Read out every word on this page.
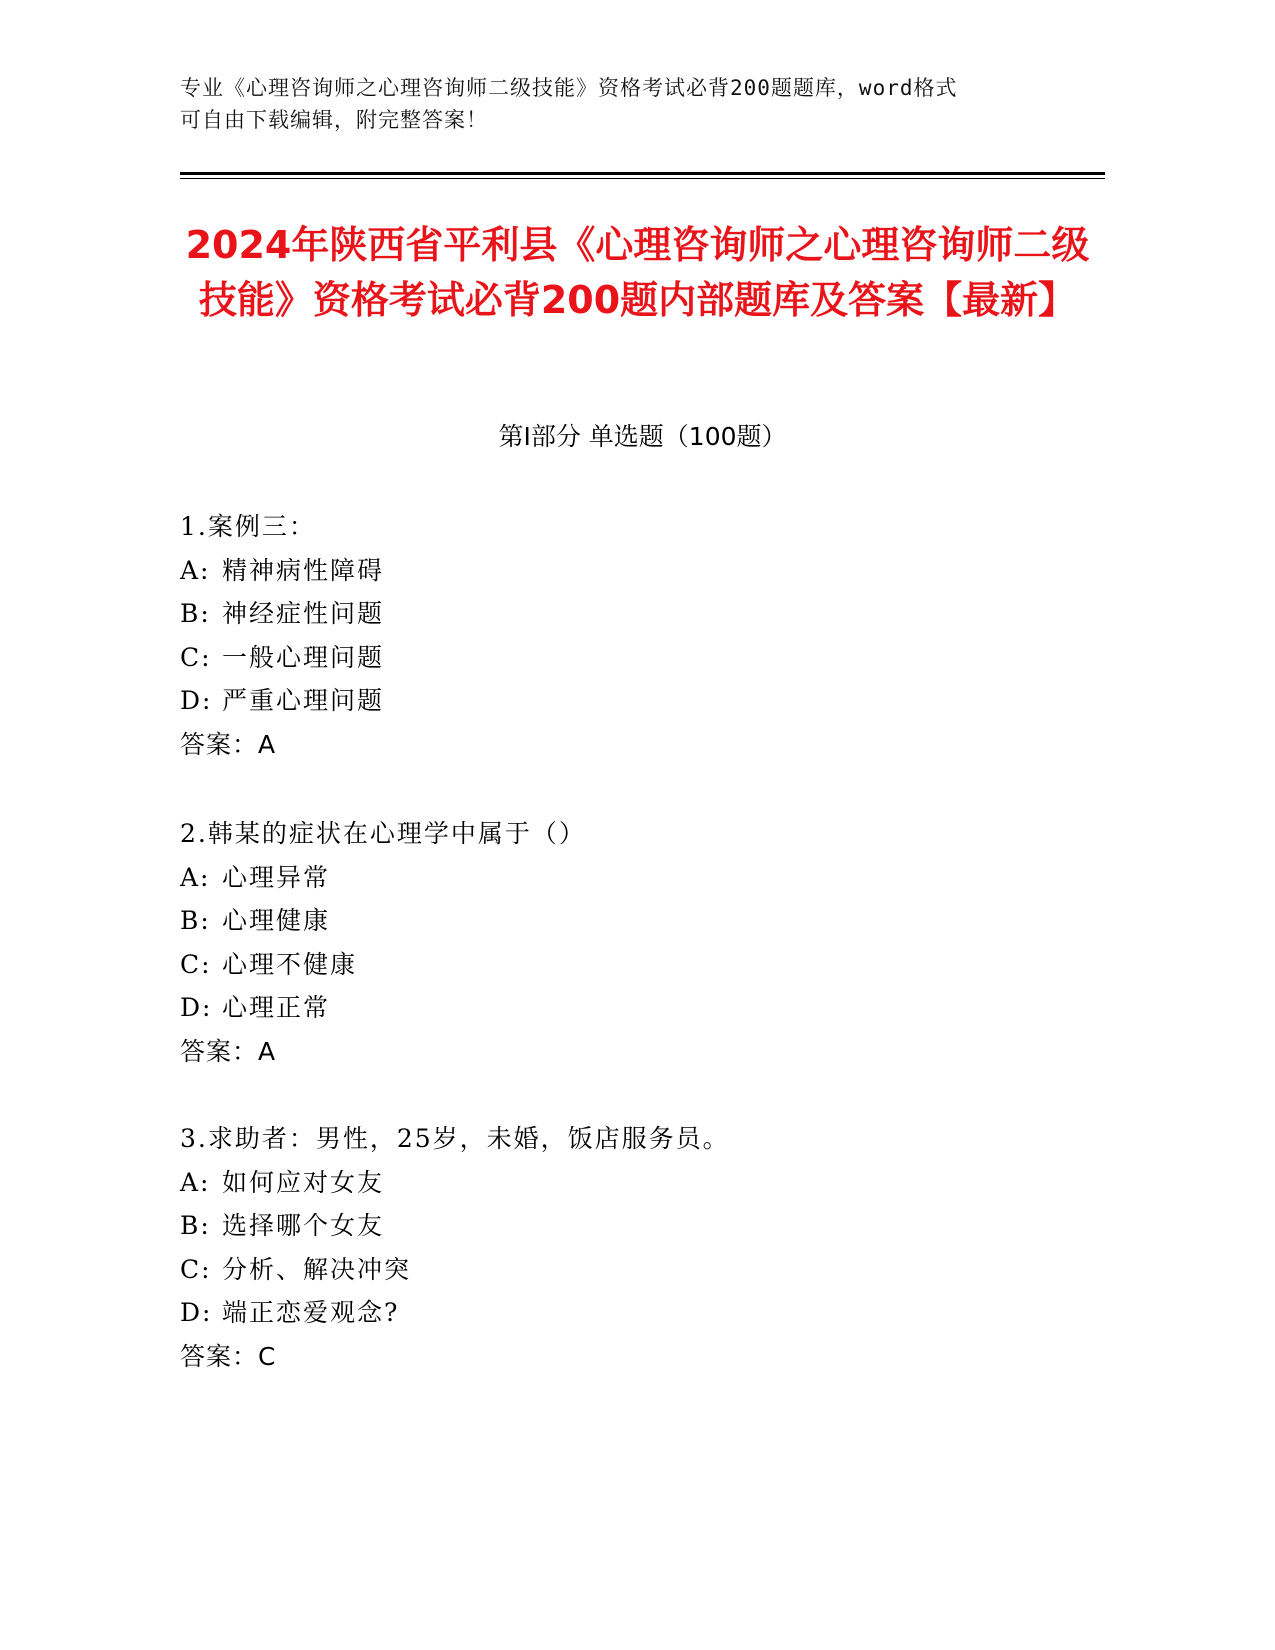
专业《心理咨询师之心理咨询师二级技能》资格考试必背200题题库，word格式
可自由下载编辑，附完整答案！
2024年陕西省平利县《心理咨询师之心理咨询师二级
技能》资格考试必背200题内部题库及答案【最新】
第Ⅰ部分 单选题（100题）
1.案例三：
A: 精神病性障碍
B: 神经症性问题
C: 一般心理问题
D: 严重心理问题
答案：A
2.韩某的症状在心理学中属于（）
A: 心理异常
B: 心理健康
C: 心理不健康
D: 心理正常
答案：A
3.求助者：男性，25岁，未婚，饭店服务员。
A: 如何应对女友
B: 选择哪个女友
C: 分析、解决冲突
D: 端正恋爱观念?
答案：C
